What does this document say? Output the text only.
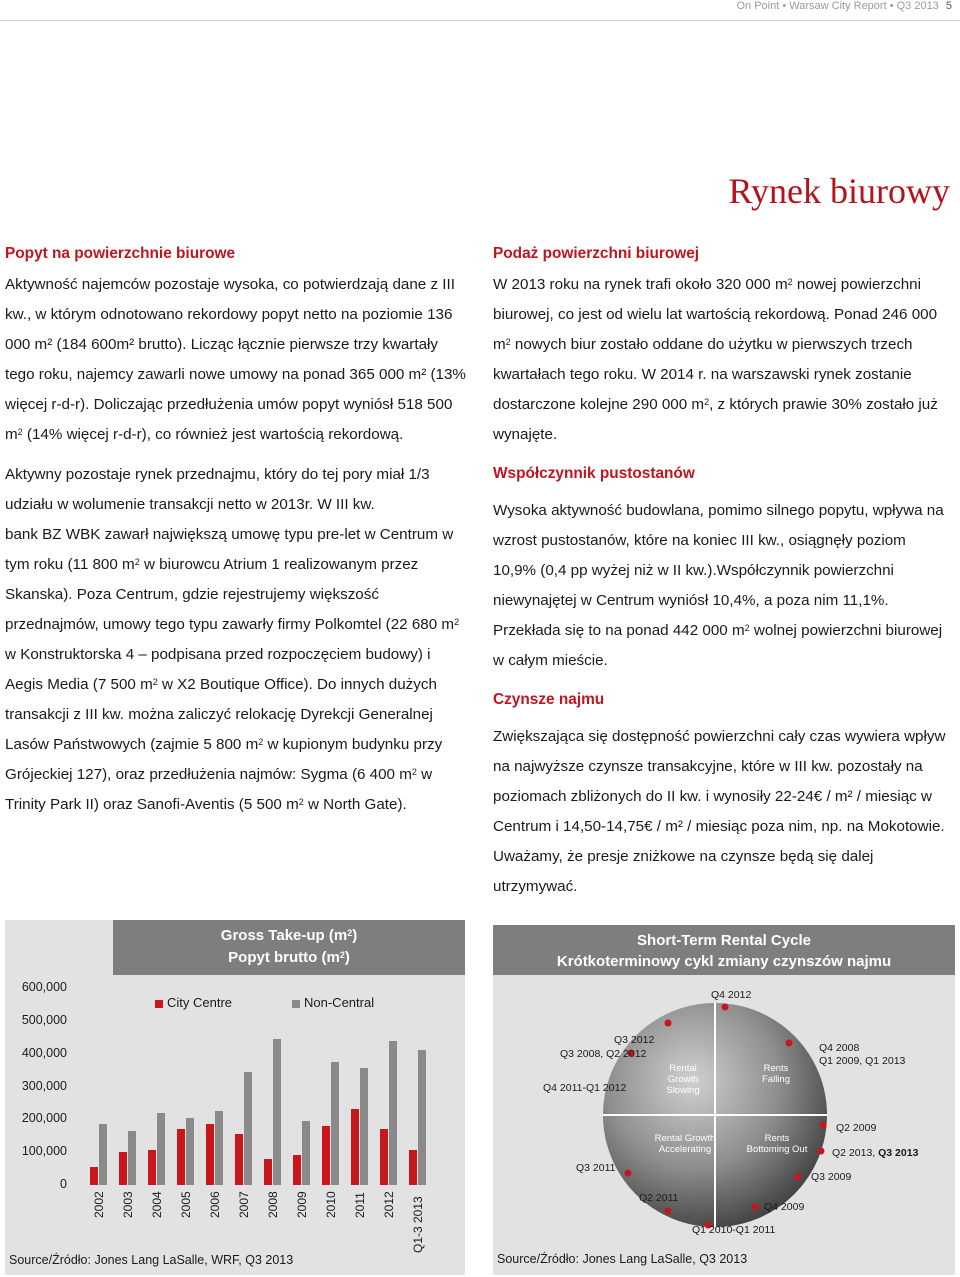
On Point • Warsaw City Report • Q3 2013 5
Rynek biurowy
Popyt na powierzchnie biurowe

Aktywność najemców pozostaje wysoka, co potwierdzają dane z III kw., w którym odnotowano rekordowy popyt netto na poziomie 136 000 m² (184 600m² brutto). Licząc łącznie pierwsze trzy kwartały tego roku, najemcy zawarli nowe umowy na ponad 365 000 m² (13% więcej r-d-r). Doliczając przedłużenia umów popyt wyniósł 518 500 $m^2$ (14% więcej r-d-r), co również jest wartością rekordową.

Aktywny pozostaje rynek przednajmu, który do tej pory miał 1/3 udziału w wolumenie transakcji netto w 2013r. W III kw.

bank BZ WBK zawarł największą umowę typu pre-let w Centrum w tym roku (11 800 $m^2$ w biurowcu Atrium 1 realizowanym przez Skanska). Poza Centrum, gdzie rejestrujemy większość przednajmów, umowy tego typu zawarły firmy Polkomtel (22 680 $m^2$ w Konstruktorska 4 – podpisana przed rozpoczęciem budowy) i Aegis Media (7 500 $m^2$ w X2 Boutique Office). Do innych dużych transakcji z III kw. można zaliczyć relokację Dyrekcji Generalnej Lasów Państwowych (zajmie 5 800 $m^2$ w kupionym budynku przy Grójeckiej 127), oraz przedłużenia najmów: Sygma (6 400 $m^2$ w Trinity Park II) oraz Sanofi-Aventis (5 500 $m^2$ w North Gate).

Podaż powierzchni biurowej

W 2013 roku na rynek trafi około 320 000 $m^2$ nowej powierzchni biurowej, co jest od wielu lat wartością rekordową. Ponad 246 000 $m^2$ nowych biur zostało oddane do użytku w pierwszych trzech kwartałach tego roku. W 2014 r. na warszawski rynek zostanie dostarczone kolejne 290 000 $m^2$, z których prawie 30% zostało już wynajęte.

Współczynnik pustostanów

Wysoka aktywność budowlana, pomimo silnego popytu, wpływa na wzrost pustostanów, które na koniec III kw., osiągnęły poziom 10,9% (0,4 pp wyżej niż w II kw.).Współczynnik powierzchni niewynajętej w Centrum wyniósł 10,4%, a poza nim 11,1%. Przekłada się to na ponad 442 000 $m^2$ wolnej powierzchni biurowej w całym mieście.

Czynsze najmu

Zwiększająca się dostępność powierzchni cały czas wywiera wpływ na najwyższe czynsze transakcyjne, które w III kw. pozostały na poziomach zbliżonych do II kw. i wynosiły 22-24€ / m² / miesiąc w Centrum i 14,50-14,75€ / m² / miesiąc poza nim, np. na Mokotowie. Uważamy, że presje zniżkowe na czynsze będą się dalej utrzymywać.

Gross Take-up $(m^2)$
Popyt brutto $(m^2)$
City Centre	Non-Central
600,000
500,000
400,000
300,000
200,000
100,000
0
2002 2003 2004 2005 2006 2007 2008 2009 2010 2011 2012 Q1-3 2013
Source/Źródło: Jones Lang LaSalle, WRF, Q3 2013
Short-Term Rental Cycle
Krótkoterminowy cykl zmiany czynszów najmu
Rental Growth Slowing
Rents Falling
Rental Growth Accelerating
Rents Bottoming Out
Q4 2012
Q3 2012
Q3 2008, Q2 2012
Q4 2011-Q1 2012
Q4 2008
Q1 2009, Q1 2013
Q2 2009
Q2 2013, Q3 2013
Q3 2009
Q3 2011
Q2 2011
Q4 2009
Q1 2010-Q1 2011
Source/Źródło: Jones Lang LaSalle, Q3 2013
